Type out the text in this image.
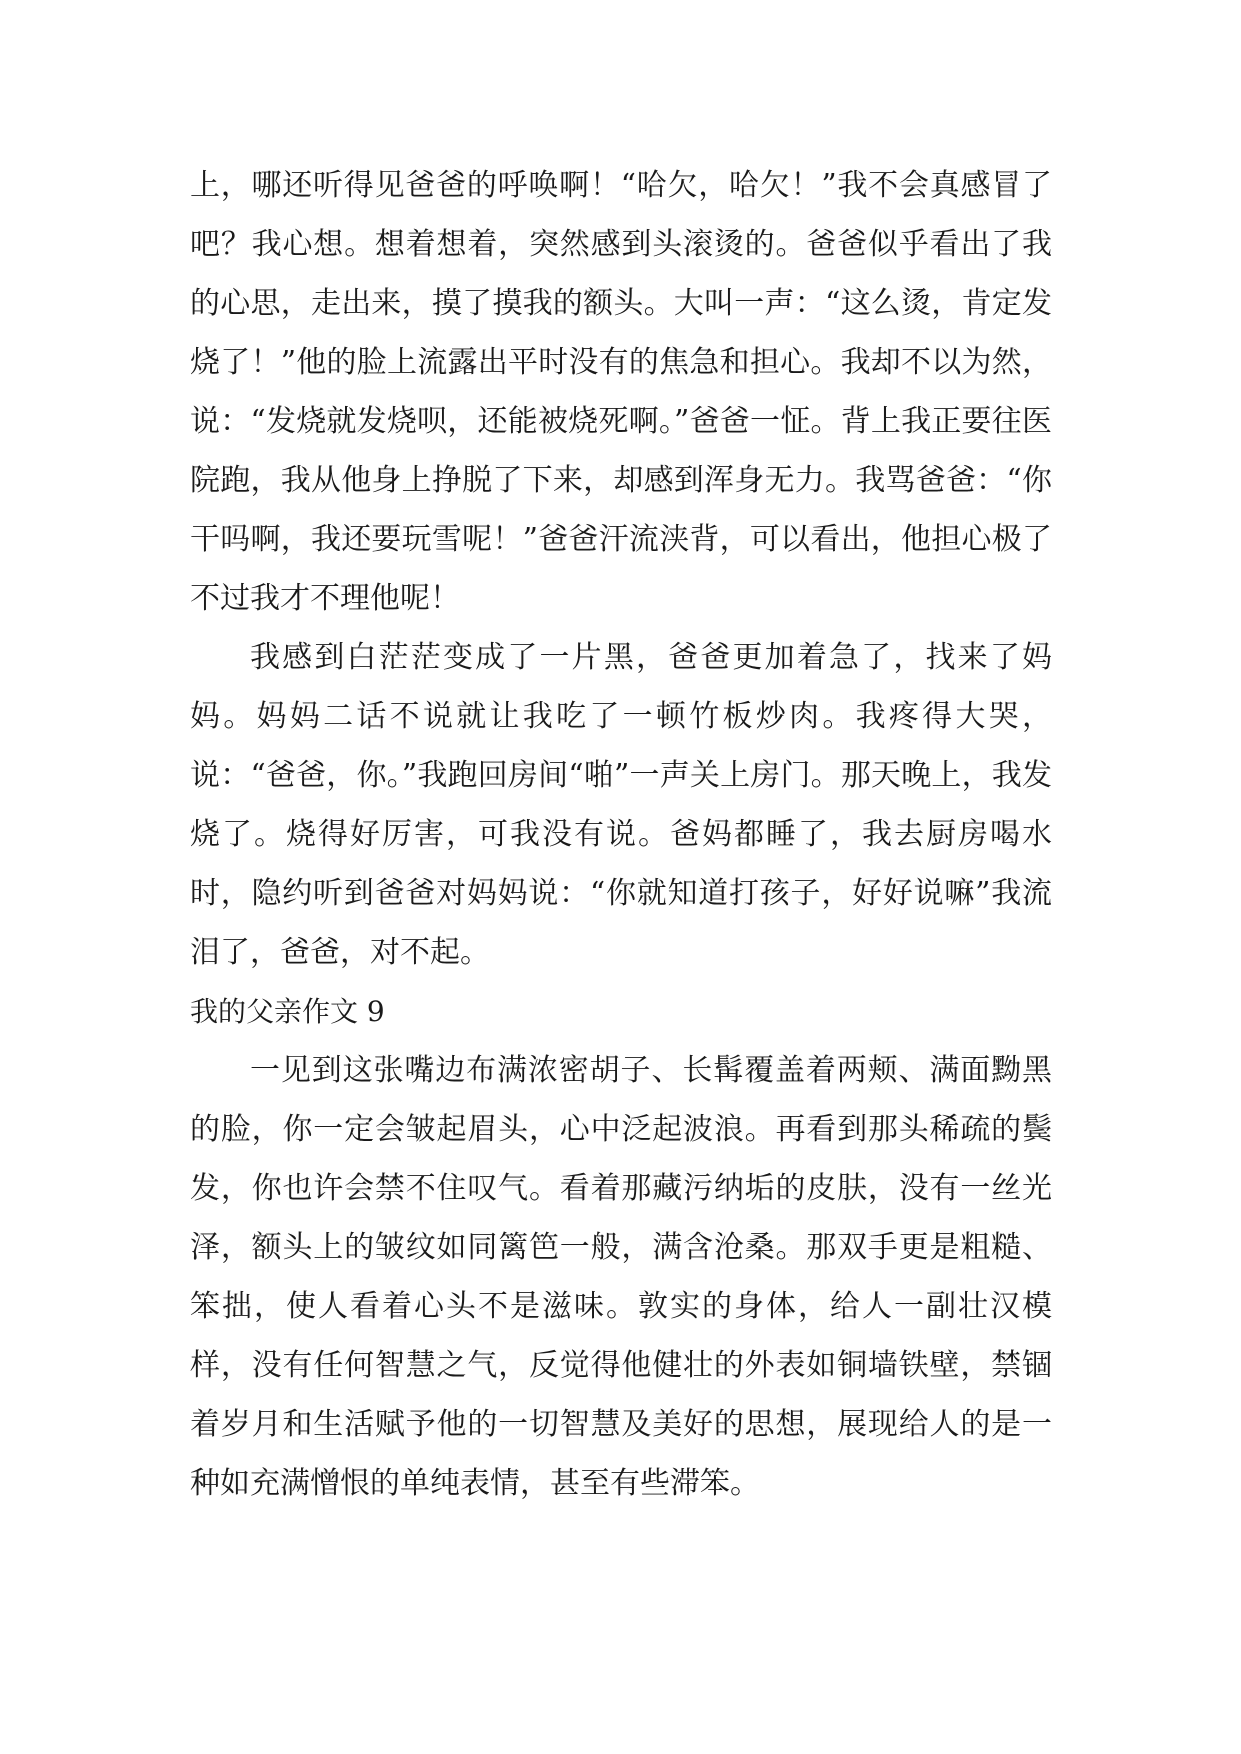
上，哪还听得见爸爸的呼唤啊！“哈欠，哈欠！”我不会真感冒了吧？我心想。想着想着，突然感到头滚烫的。爸爸似乎看出了我的心思，走出来，摸了摸我的额头。大叫一声：“这么烫，肯定发烧了！”他的脸上流露出平时没有的焦急和担心。我却不以为然，说：“发烧就发烧呗，还能被烧死啊。”爸爸一怔。背上我正要往医院跑，我从他身上挣脱了下来，却感到浑身无力。我骂爸爸：“你干吗啊，我还要玩雪呢！”爸爸汗流浃背，可以看出，他担心极了不过我才不理他呢！

我感到白茫茫变成了一片黑，爸爸更加着急了，找来了妈妈。妈妈二话不说就让我吃了一顿竹板炒肉。我疼得大哭，说：“爸爸，你。”我跑回房间“啪”一声关上房门。那天晚上，我发烧了。烧得好厉害，可我没有说。爸妈都睡了，我去厨房喝水时，隐约听到爸爸对妈妈说：“你就知道打孩子，好好说嘛”我流泪了，爸爸，对不起。

我的父亲作文 9

一见到这张嘴边布满浓密胡子、长髯覆盖着两颊、满面黝黑的脸，你一定会皱起眉头，心中泛起波浪。再看到那头稀疏的鬓发，你也许会禁不住叹气。看着那藏污纳垢的皮肤，没有一丝光泽，额头上的皱纹如同篱笆一般，满含沧桑。那双手更是粗糙、笨拙，使人看着心头不是滋味。敦实的身体，给人一副壮汉模样，没有任何智慧之气，反觉得他健壮的外表如铜墙铁壁，禁锢着岁月和生活赋予他的一切智慧及美好的思想，展现给人的是一种如充满憎恨的单纯表情，甚至有些滞笨。
